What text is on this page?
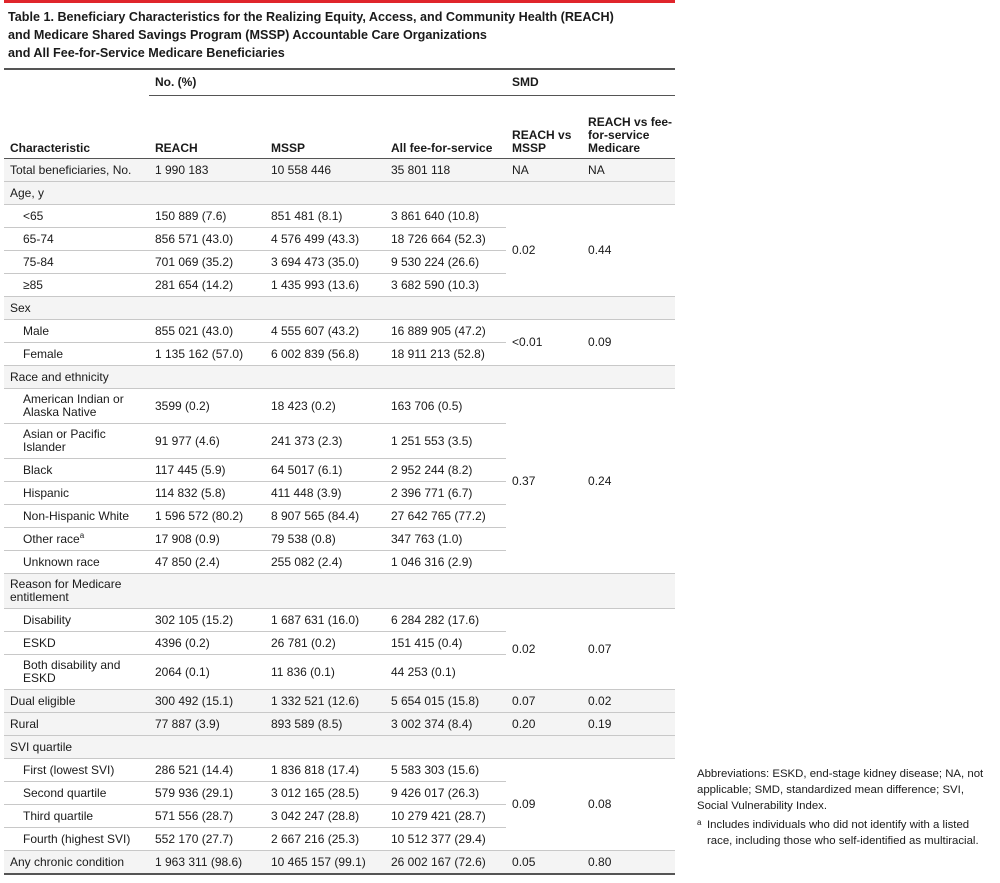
Table 1. Beneficiary Characteristics for the Realizing Equity, Access, and Community Health (REACH)
and Medicare Shared Savings Program (MSSP) Accountable Care Organizations
and All Fee-for-Service Medicare Beneficiaries
	No. (%)			SMD	
Characteristic	REACH	MSSP	All fee-for-service	REACH vs MSSP	REACH vs fee-for-service Medicare
Total beneficiaries, No.	1 990 183	10 558 446	35 801 118	NA	NA
Age, y					
<65	150 889 (7.6)	851 481 (8.1)	3 861 640 (10.8)	0.02	0.44
65-74	856 571 (43.0)	4 576 499 (43.3)	18 726 664 (52.3)		
75-84	701 069 (35.2)	3 694 473 (35.0)	9 530 224 (26.6)		
≥85	281 654 (14.2)	1 435 993 (13.6)	3 682 590 (10.3)		
Sex					
Male	855 021 (43.0)	4 555 607 (43.2)	16 889 905 (47.2)	<0.01	0.09
Female	1 135 162 (57.0)	6 002 839 (56.8)	18 911 213 (52.8)		
Race and ethnicity					
American Indian or Alaska Native	3599 (0.2)	18 423 (0.2)	163 706 (0.5)	0.37	0.24
Asian or Pacific Islander	91 977 (4.6)	241 373 (2.3)	1 251 553 (3.5)		
Black	117 445 (5.9)	64 5017 (6.1)	2 952 244 (8.2)		
Hispanic	114 832 (5.8)	411 448 (3.9)	2 396 771 (6.7)		
Non-Hispanic White	1 596 572 (80.2)	8 907 565 (84.4)	27 642 765 (77.2)		
Other race$^a$	17 908 (0.9)	79 538 (0.8)	347 763 (1.0)		
Unknown race	47 850 (2.4)	255 082 (2.4)	1 046 316 (2.9)		

Reason for Medicare entitlement					

Disability	302 105 (15.2)	1 687 631 (16.0)	6 284 282 (17.6)	0.02	0.07
ESKD	4396 (0.2)	26 781 (0.2)	151 415 (0.4)		
Both disability and ESKD	2064 (0.1)	11 836 (0.1)	44 253 (0.1)		
Dual eligible	300 492 (15.1)	1 332 521 (12.6)	5 654 015 (15.8)	0.07	0.02
Rural	77 887 (3.9)	893 589 (8.5)	3 002 374 (8.4)	0.20	0.19
SVI quartile					
First (lowest SVI)	286 521 (14.4)	1 836 818 (17.4)	5 583 303 (15.6)	0.09	0.08
Second quartile	579 936 (29.1)	3 012 165 (28.5)	9 426 017 (26.3)		
Third quartile	571 556 (28.7)	3 042 247 (28.8)	10 279 421 (28.7)		
Fourth (highest SVI)	552 170 (27.7)	2 667 216 (25.3)	10 512 377 (29.4)		
Any chronic condition	1 963 311 (98.6)	10 465 157 (99.1)	26 002 167 (72.6)	0.05	0.80
Abbreviations: ESKD, end-stage kidney disease; NA, not applicable; SMD, standardized mean difference; SVI, Social Vulnerability Index.
a Includes individuals who did not identify with a listed race, including those who self-identified as multiracial.
